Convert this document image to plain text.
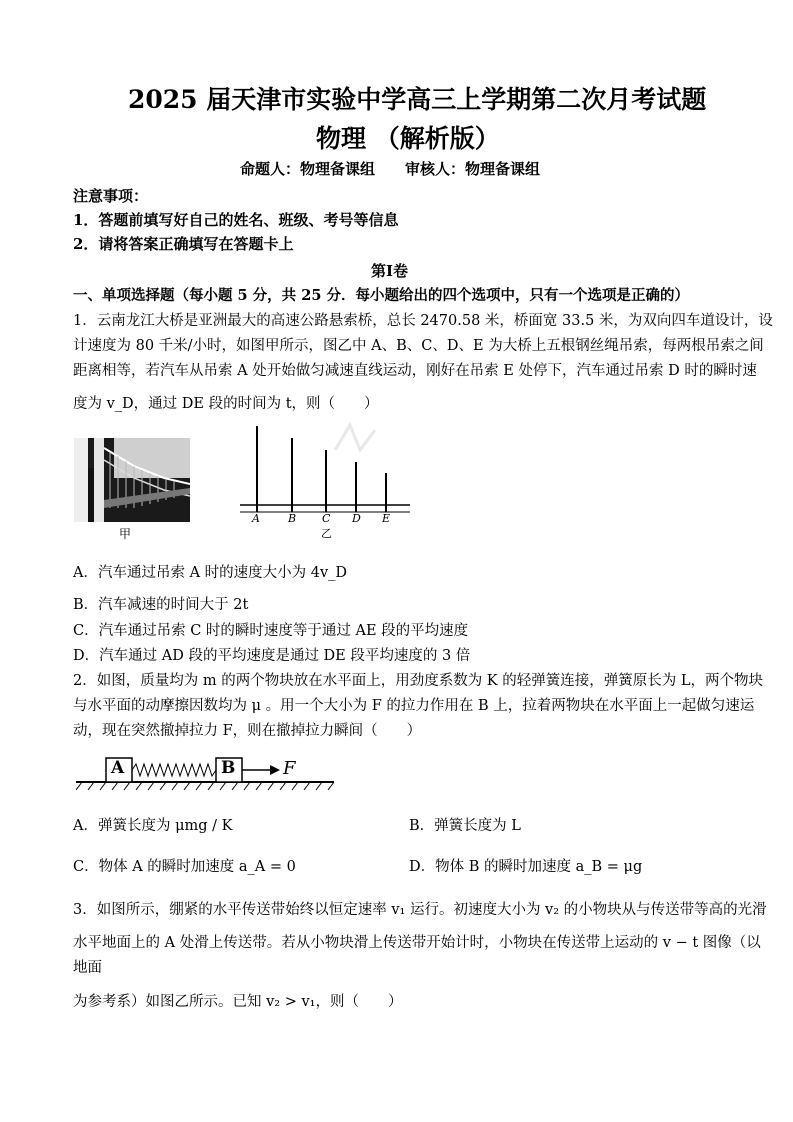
2025 届天津市实验中学高三上学期第二次月考试题
物理 （解析版）
命题人：物理备课组　　审核人：物理备课组
注意事项：
1．答题前填写好自己的姓名、班级、考号等信息
2．请将答案正确填写在答题卡上
第Ⅰ卷
一、单项选择题（每小题 5 分，共 25 分．每小题给出的四个选项中，只有一个选项是正确的）
1．云南龙江大桥是亚洲最大的高速公路悬索桥，总长 2470.58 米，桥面宽 33.5 米，为双向四车道设计，设
计速度为 80 千米/小时，如图甲所示，图乙中 A、B、C、D、E 为大桥上五根钢丝绳吊索，每两根吊索之间
距离相等，若汽车从吊索 A 处开始做匀减速直线运动，刚好在吊索 E 处停下，汽车通过吊索 D 时的瞬时速
度为 v_D，通过 DE 段的时间为 t，则（　　）
甲
A	B C D E
乙
A．汽车通过吊索 A 时的速度大小为 4v_D
B．汽车减速的时间大于 2t
C．汽车通过吊索 C 时的瞬时速度等于通过 AE 段的平均速度
D．汽车通过 AD 段的平均速度是通过 DE 段平均速度的 3 倍
2．如图，质量均为 m 的两个物块放在水平面上，用劲度系数为 K 的轻弹簧连接，弹簧原长为 L，两个物块
与水平面的动摩擦因数均为 μ 。用一个大小为 F 的拉力作用在 B 上，拉着两物块在水平面上一起做匀速运
动，现在突然撤掉拉力 F，则在撤掉拉力瞬间（　　）
A	B	F
A．弹簧长度为 μmg / K	B．弹簧长度为 L
C．物体 A 的瞬时加速度 a_A = 0	D．物体 B 的瞬时加速度 a_B = μg
3．如图所示，绷紧的水平传送带始终以恒定速率 v₁ 运行。初速度大小为 v₂ 的小物块从与传送带等高的光滑
水平地面上的 A 处滑上传送带。若从小物块滑上传送带开始计时，小物块在传送带上运动的 v − t 图像（以
地面
为参考系）如图乙所示。已知 v₂ > v₁，则（　　）
